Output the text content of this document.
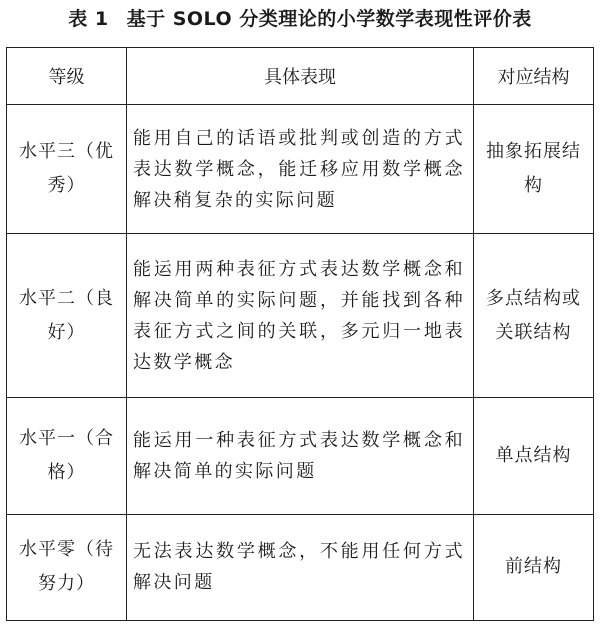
表 1 基于 SOLO 分类理论的小学数学表现性评价表
等级	具体表现	对应结构
水平三（优秀）	能用自己的话语或批判或创造的方式表达数学概念，能迁移应用数学概念解决稍复杂的实际问题	抽象拓展结构
水平二（良好）	能运用两种表征方式表达数学概念和解决简单的实际问题，并能找到各种表征方式之间的关联，多元归一地表达数学概念	多点结构或关联结构
水平一（合格）	能运用一种表征方式表达数学概念和解决简单的实际问题	单点结构
水平零（待努力）	无法表达数学概念，不能用任何方式解决问题	前结构
